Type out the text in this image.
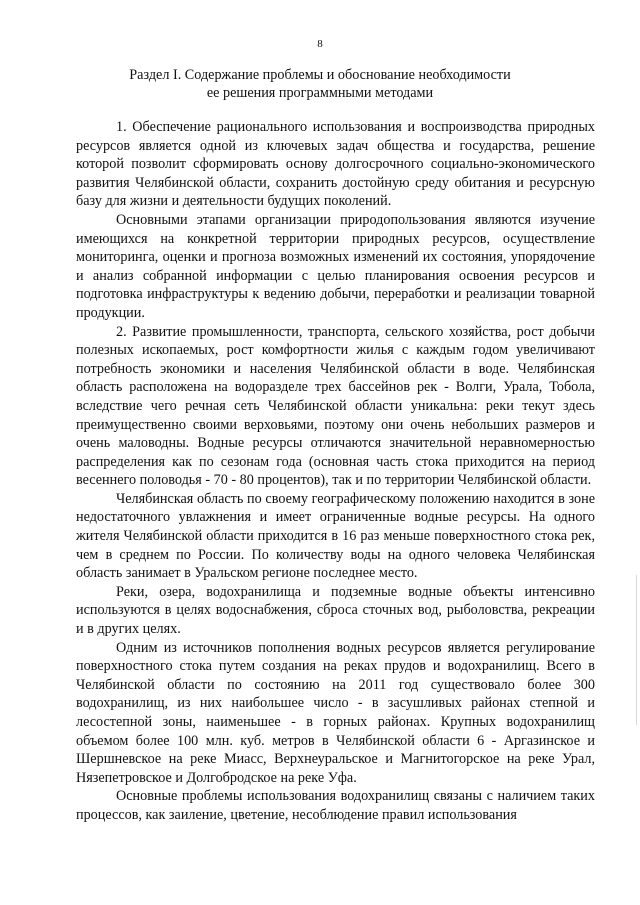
8
Раздел I. Содержание проблемы и обоснование необходимости
ее решения программными методами

1. Обеспечение рационального использования и воспроизводства природных ресурсов является одной из ключевых задач общества и государства, решение которой позволит сформировать основу долгосрочного социально-экономического развития Челябинской области, сохранить достойную среду обитания и ресурсную базу для жизни и деятельности будущих поколений.

Основными этапами организации природопользования являются изучение имеющихся на конкретной территории природных ресурсов, осуществление мониторинга, оценки и прогноза возможных изменений их состояния, упорядочение и анализ собранной информации с целью планирования освоения ресурсов и подготовка инфраструктуры к ведению добычи, переработки и реализации товарной продукции.

2. Развитие промышленности, транспорта, сельского хозяйства, рост добычи полезных ископаемых, рост комфортности жилья с каждым годом увеличивают потребность экономики и населения Челябинской области в воде. Челябинская область расположена на водоразделе трех бассейнов рек - Волги, Урала, Тобола, вследствие чего речная сеть Челябинской области уникальна: реки текут здесь преимущественно своими верховьями, поэтому они очень небольших размеров и очень маловодны. Водные ресурсы отличаются значительной неравномерностью распределения как по сезонам года (основная часть стока приходится на период весеннего половодья - 70 - 80 процентов), так и по территории Челябинской области.

Челябинская область по своему географическому положению находится в зоне недостаточного увлажнения и имеет ограниченные водные ресурсы. На одного жителя Челябинской области приходится в 16 раз меньше поверхностного стока рек, чем в среднем по России. По количеству воды на одного человека Челябинская область занимает в Уральском регионе последнее место.

Реки, озера, водохранилища и подземные водные объекты интенсивно используются в целях водоснабжения, сброса сточных вод, рыболовства, рекреации и в других целях.

Одним из источников пополнения водных ресурсов является регулирование поверхностного стока путем создания на реках прудов и водохранилищ. Всего в Челябинской области по состоянию на 2011 год существовало более 300 водохранилищ, из них наибольшее число - в засушливых районах степной и лесостепной зоны, наименьшее - в горных районах. Крупных водохранилищ объемом более 100 млн. куб. метров в Челябинской области 6 - Аргазинское и Шершневское на реке Миасс, Верхнеуральское и Магнитогорское на реке Урал, Нязепетровское и Долгобродское на реке Уфа.

Основные проблемы использования водохранилищ связаны с наличием таких процессов, как заиление, цветение, несоблюдение правил использования
